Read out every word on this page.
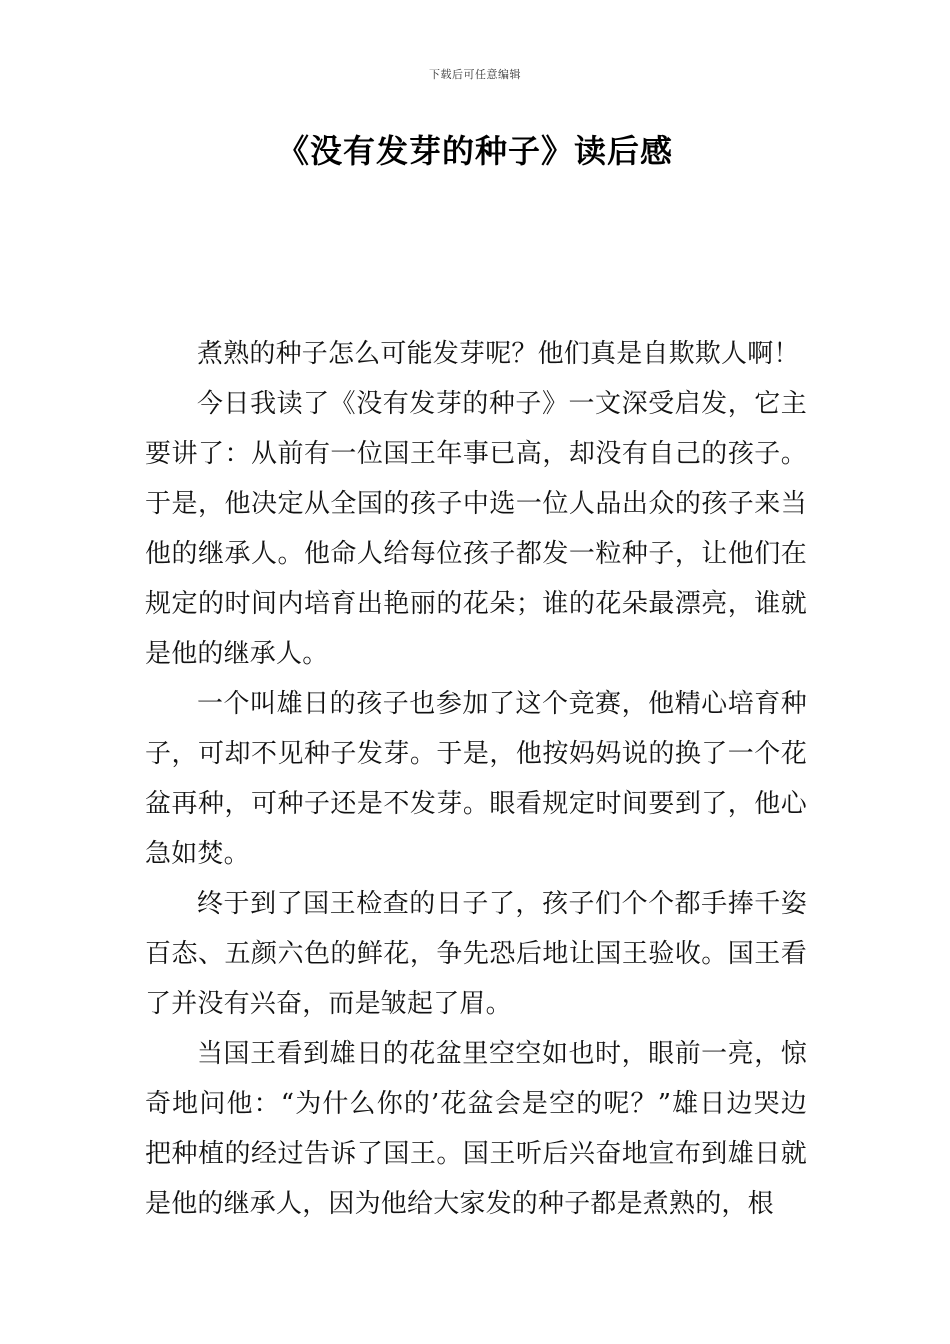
下载后可任意编辑
《没有发芽的种子》读后感

煮熟的种子怎么可能发芽呢？他们真是自欺欺人啊！

今日我读了《没有发芽的种子》一文深受启发，它主要讲了：从前有一位国王年事已高，却没有自己的孩子。于是，他决定从全国的孩子中选一位人品出众的孩子来当他的继承人。他命人给每位孩子都发一粒种子，让他们在规定的时间内培育出艳丽的花朵；谁的花朵最漂亮，谁就是他的继承人。

一个叫雄日的孩子也参加了这个竞赛，他精心培育种子，可却不见种子发芽。于是，他按妈妈说的换了一个花盆再种，可种子还是不发芽。眼看规定时间要到了，他心急如焚。

终于到了国王检查的日子了，孩子们个个都手捧千姿百态、五颜六色的鲜花，争先恐后地让国王验收。国王看了并没有兴奋，而是皱起了眉。

当国王看到雄日的花盆里空空如也时，眼前一亮，惊奇地问他：“为什么你的’花盆会是空的呢？”雄日边哭边把种植的经过告诉了国王。国王听后兴奋地宣布到雄日就是他的继承人，因为他给大家发的种子都是煮熟的，根
